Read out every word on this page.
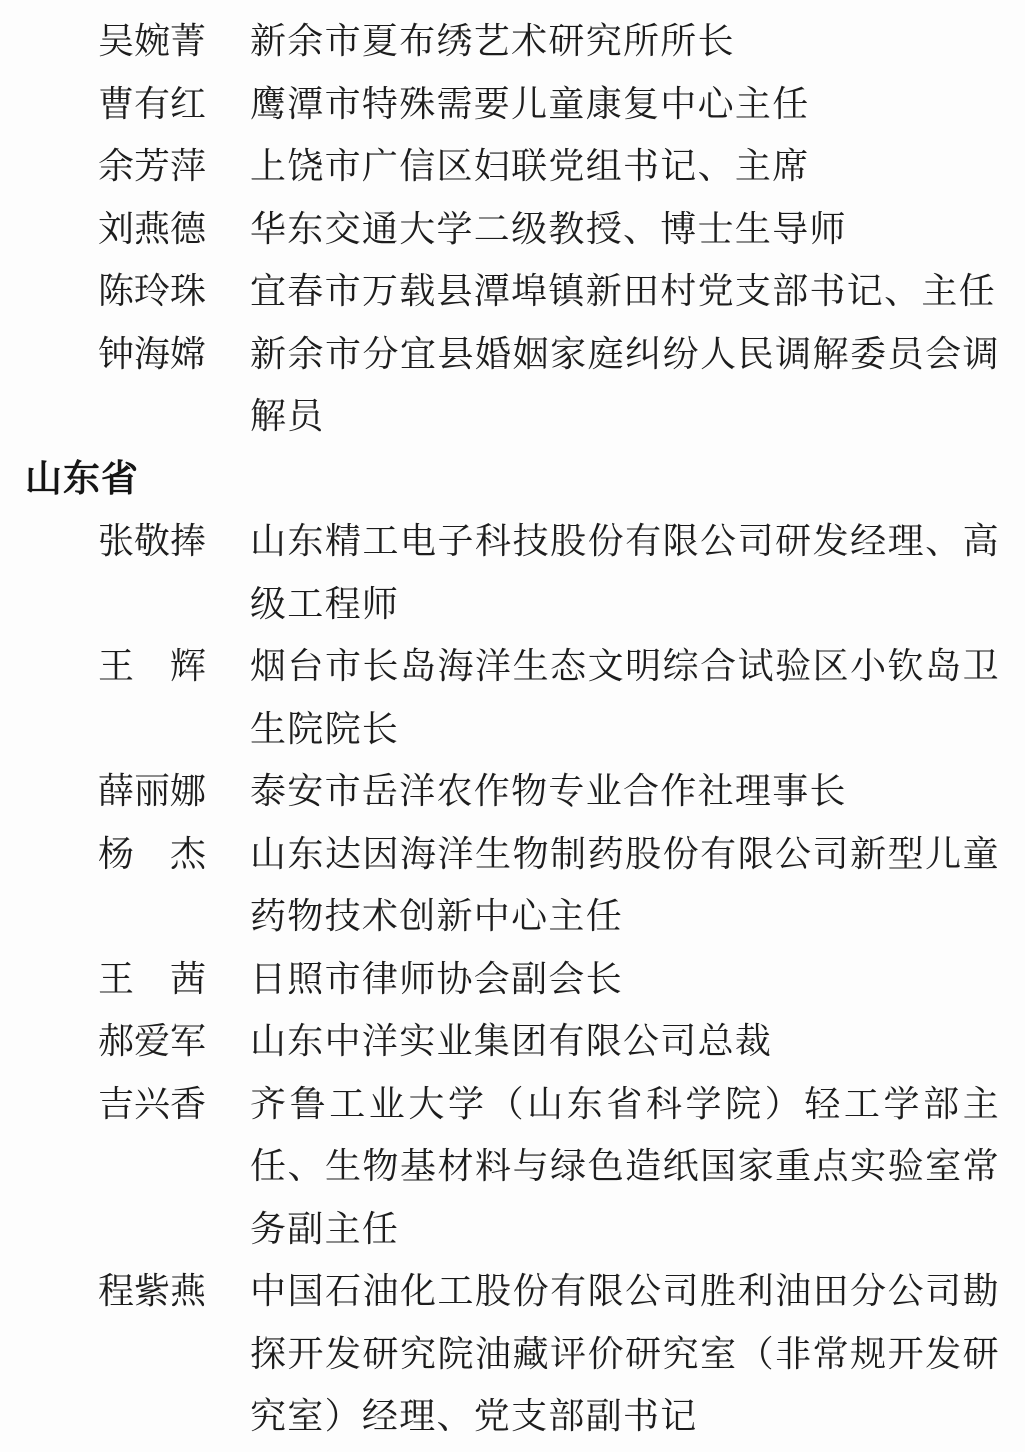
吴婉菁 新余市夏布绣艺术研究所所长
曹有红 鹰潭市特殊需要儿童康复中心主任
余芳萍 上饶市广信区妇联党组书记、主席
刘燕德 华东交通大学二级教授、博士生导师
陈玲珠 宜春市万载县潭埠镇新田村党支部书记、主任
钟海嫦 新余市分宜县婚姻家庭纠纷人民调解委员会调解员
山东省
张敬捧 山东精工电子科技股份有限公司研发经理、高级工程师
王　辉 烟台市长岛海洋生态文明综合试验区小钦岛卫生院院长
薛丽娜 泰安市岳洋农作物专业合作社理事长
杨　杰 山东达因海洋生物制药股份有限公司新型儿童药物技术创新中心主任
王　茜 日照市律师协会副会长
郝爱军 山东中洋实业集团有限公司总裁
吉兴香 齐鲁工业大学（山东省科学院）轻工学部主任、生物基材料与绿色造纸国家重点实验室常务副主任
程紫燕 中国石油化工股份有限公司胜利油田分公司勘探开发研究院油藏评价研究室（非常规开发研究室）经理、党支部副书记
